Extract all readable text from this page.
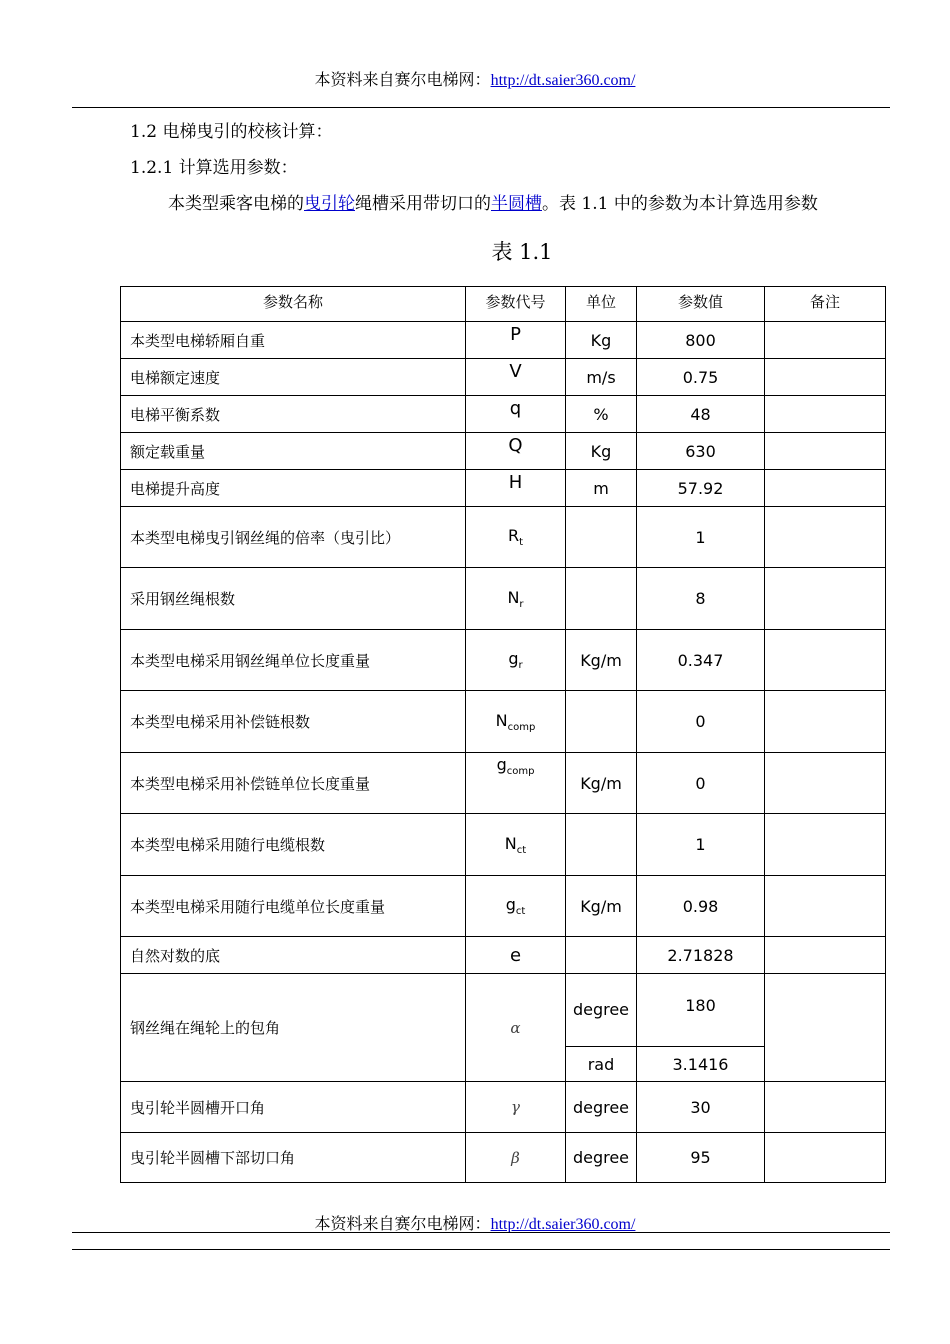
本资料来自赛尔电梯网：http://dt.saier360.com/
1.2 电梯曳引的校核计算：
1.2.1 计算选用参数：
本类型乘客电梯的曳引轮绳槽采用带切口的半圆槽。表 1.1 中的参数为本计算选用参数
表 1.1
参数名称	参数代号	单位	参数值	备注
本类型电梯轿厢自重	P	Kg	800	
电梯额定速度	V	m/s	0.75	
电梯平衡系数	q	%	48	
额定载重量	Q	Kg	630	
电梯提升高度	H	m	57.92	
本类型电梯曳引钢丝绳的倍率（曳引比）	$R_t$		1	
采用钢丝绳根数	$N_r$		8	
本类型电梯采用钢丝绳单位长度重量	$g_r$	Kg/m	0.347	
本类型电梯采用补偿链根数	$N_{comp}$		0	
本类型电梯采用补偿链单位长度重量	$g_{comp}$	Kg/m	0	
本类型电梯采用随行电缆根数	$N_{ct}$		1	
本类型电梯采用随行电缆单位长度重量	$g_{ct}$	Kg/m	0.98	
自然对数的底	e		2.71828	
钢丝绳在绳轮上的包角	α	degree	180	
		rad	3.1416	
曳引轮半圆槽开口角	γ	degree	30	
曳引轮半圆槽下部切口角	β	degree	95	
本资料来自赛尔电梯网：http://dt.saier360.com/
